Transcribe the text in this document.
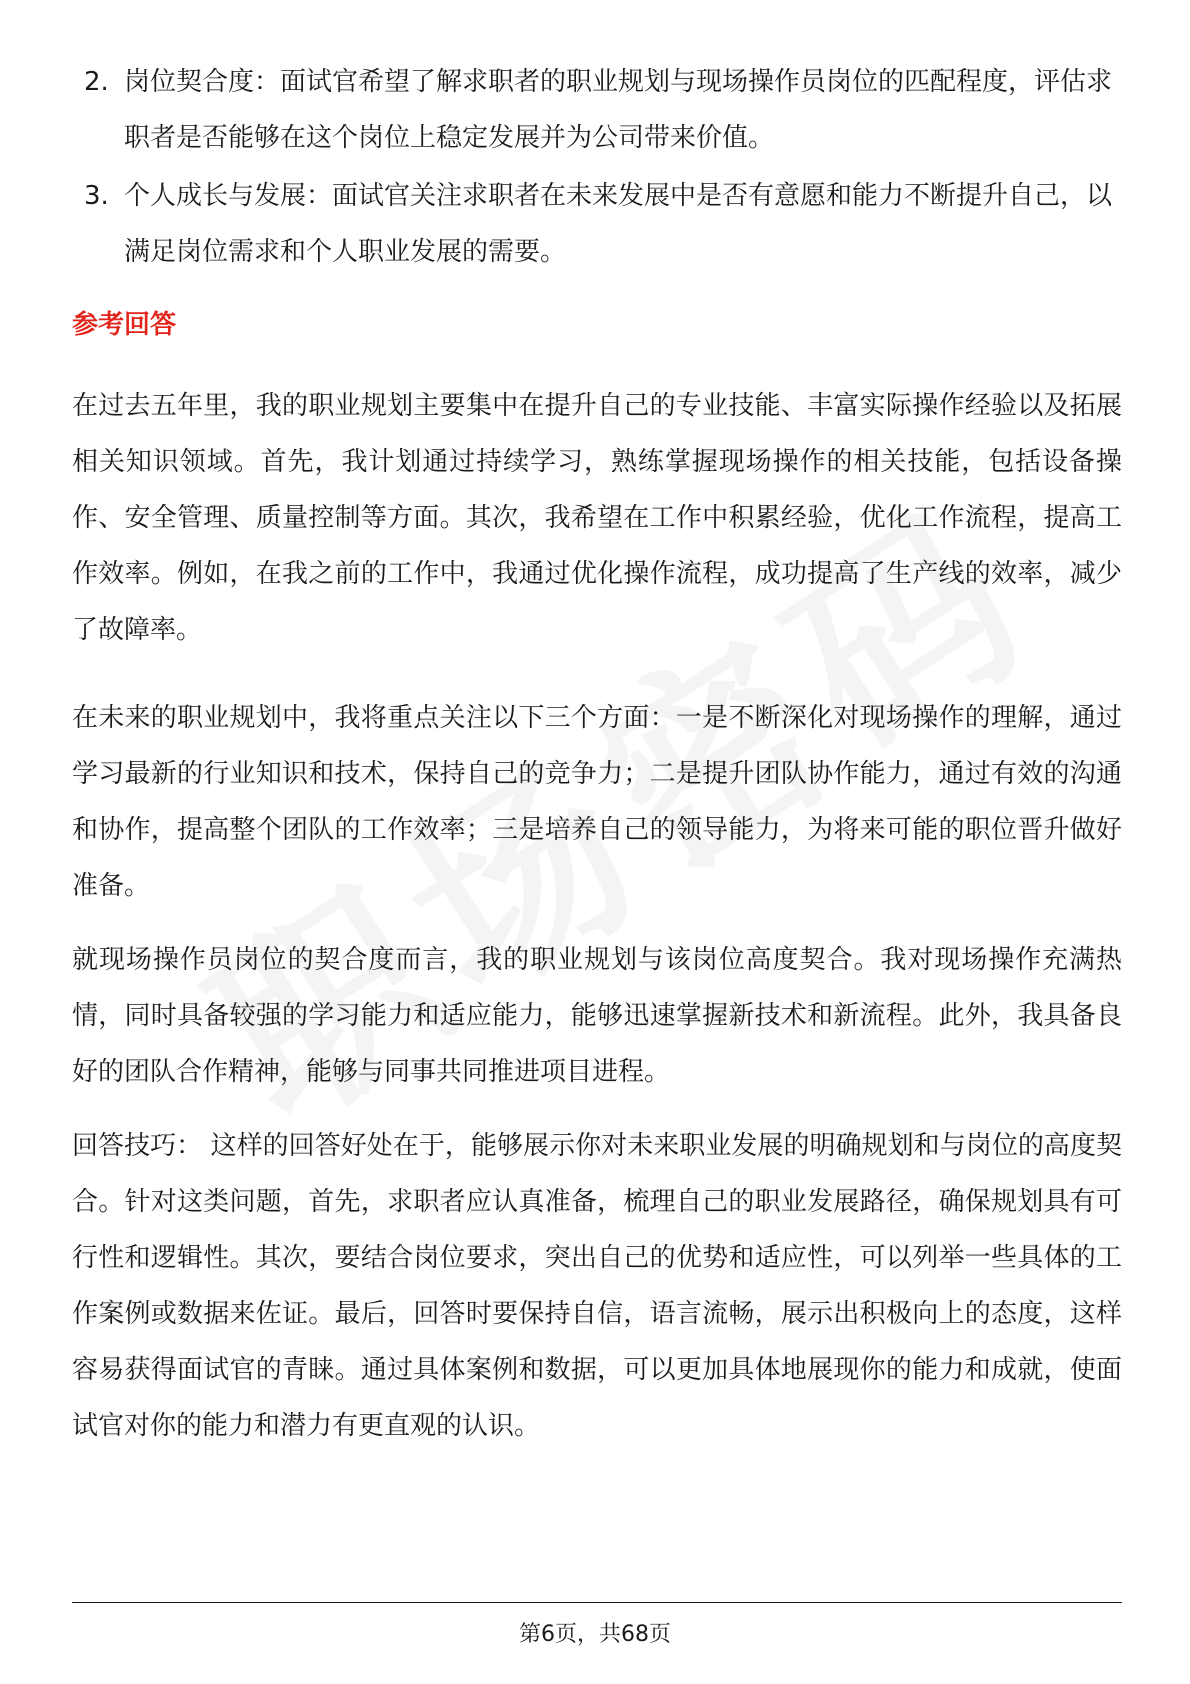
2. 岗位契合度：面试官希望了解求职者的职业规划与现场操作员岗位的匹配程度，评估求职者是否能够在这个岗位上稳定发展并为公司带来价值。
3. 个人成长与发展：面试官关注求职者在未来发展中是否有意愿和能力不断提升自己，以满足岗位需求和个人职业发展的需要。
参考回答

在过去五年里，我的职业规划主要集中在提升自己的专业技能、丰富实际操作经验以及拓展相关知识领域。首先，我计划通过持续学习，熟练掌握现场操作的相关技能，包括设备操作、安全管理、质量控制等方面。其次，我希望在工作中积累经验，优化工作流程，提高工作效率。例如，在我之前的工作中，我通过优化操作流程，成功提高了生产线的效率，减少了故障率。

在未来的职业规划中，我将重点关注以下三个方面：一是不断深化对现场操作的理解，通过学习最新的行业知识和技术，保持自己的竞争力；二是提升团队协作能力，通过有效的沟通和协作，提高整个团队的工作效率；三是培养自己的领导能力，为将来可能的职位晋升做好准备。

就现场操作员岗位的契合度而言，我的职业规划与该岗位高度契合。我对现场操作充满热情，同时具备较强的学习能力和适应能力，能够迅速掌握新技术和新流程。此外，我具备良好的团队合作精神，能够与同事共同推进项目进程。

回答技巧： 这样的回答好处在于，能够展示你对未来职业发展的明确规划和与岗位的高度契合。针对这类问题，首先，求职者应认真准备，梳理自己的职业发展路径，确保规划具有可行性和逻辑性。其次，要结合岗位要求，突出自己的优势和适应性，可以列举一些具体的工作案例或数据来佐证。最后，回答时要保持自信，语言流畅，展示出积极向上的态度，这样容易获得面试官的青睐。通过具体案例和数据，可以更加具体地展现你的能力和成就，使面试官对你的能力和潜力有更直观的认识。

第6页，共68页
